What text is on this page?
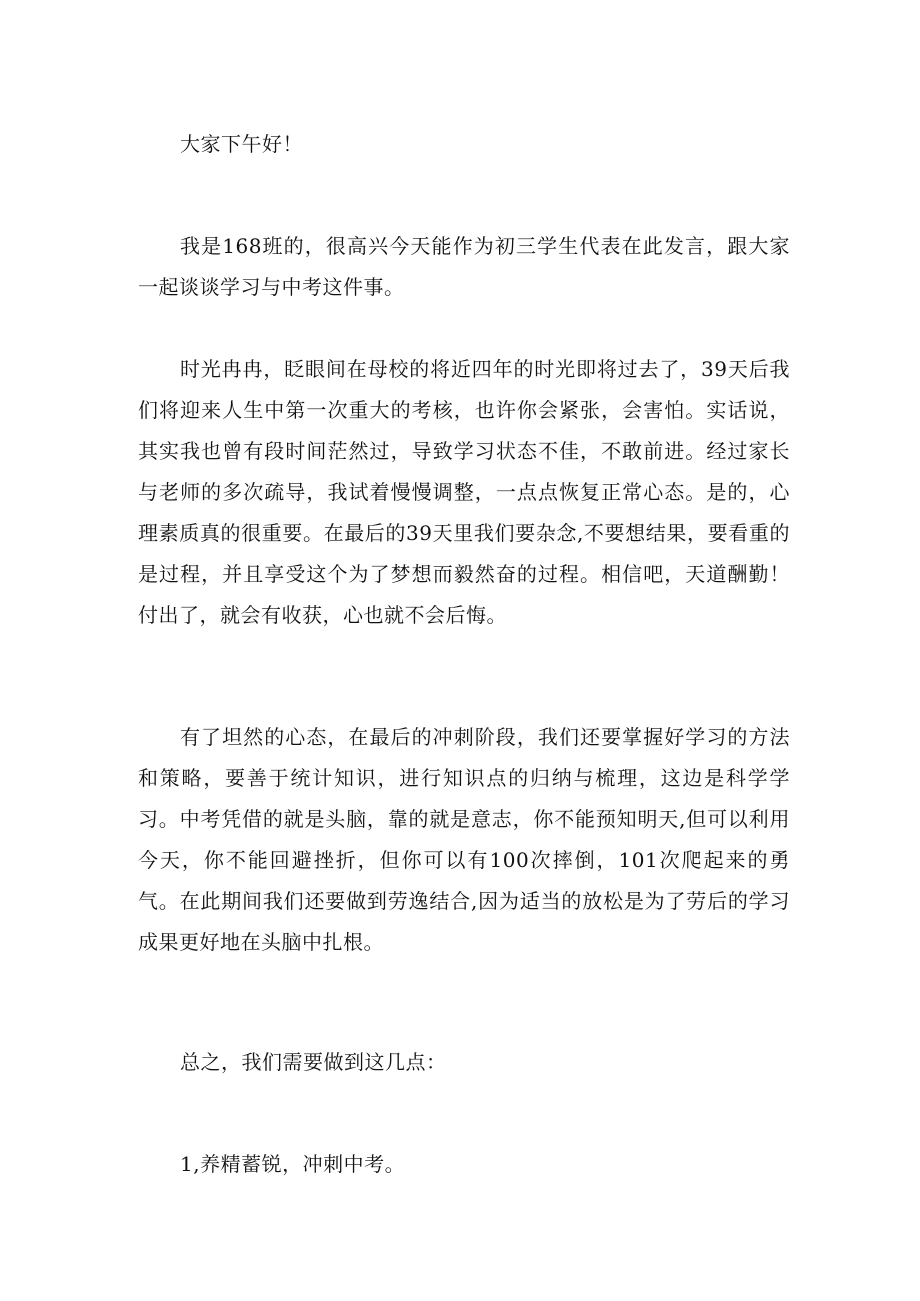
大家下午好！

我是168班的，很高兴今天能作为初三学生代表在此发言，跟大家一起谈谈学习与中考这件事。

时光冉冉，眨眼间在母校的将近四年的时光即将过去了，39天后我们将迎来人生中第一次重大的考核，也许你会紧张，会害怕。实话说，其实我也曾有段时间茫然过，导致学习状态不佳，不敢前进。经过家长与老师的多次疏导，我试着慢慢调整，一点点恢复正常心态。是的，心理素质真的很重要。在最后的39天里我们要杂念,不要想结果，要看重的是过程，并且享受这个为了梦想而毅然奋的过程。相信吧，天道酬勤！付出了，就会有收获，心也就不会后悔。

有了坦然的心态，在最后的冲刺阶段，我们还要掌握好学习的方法和策略，要善于统计知识，进行知识点的归纳与梳理，这边是科学学习。中考凭借的就是头脑，靠的就是意志，你不能预知明天,但可以利用今天，你不能回避挫折，但你可以有100次摔倒，101次爬起来的勇气。在此期间我们还要做到劳逸结合,因为适当的放松是为了劳后的学习成果更好地在头脑中扎根。

总之，我们需要做到这几点：

1,养精蓄锐，冲刺中考。
